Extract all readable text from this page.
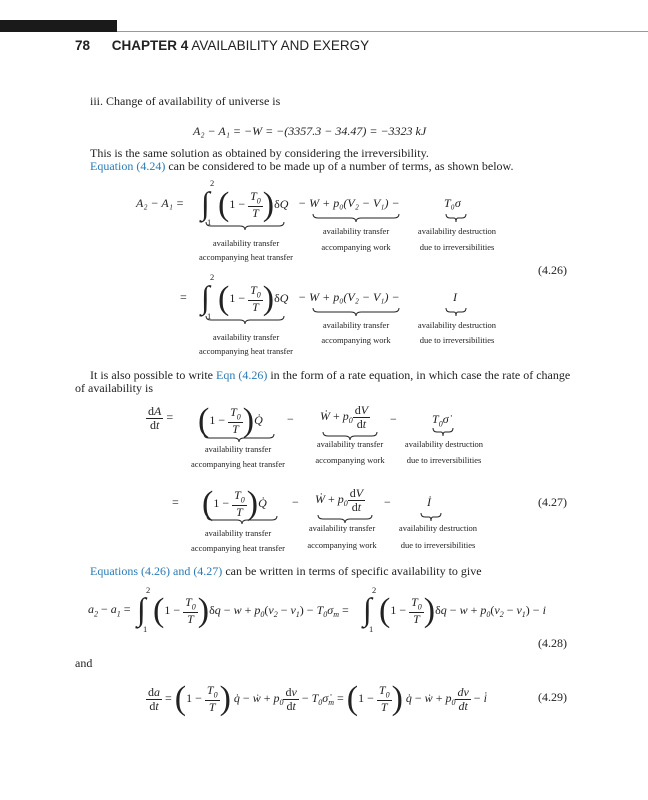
78 CHAPTER 4 AVAILABILITY AND EXERGY
iii. Change of availability of universe is
A₂ − A₁ = −W = −(3357.3 − 34.47) = −3323 kJ
This is the same solution as obtained by considering the irreversibility.
Equation (4.24) can be considered to be made up of a number of terms, as shown below.
A₂ − A₁ =
2
∫
1 $(1 - \frac{T_0}{T} )\delta Q - W + p_0(V_2 - V_1)$ −	T₀σ
availability transfer
accompanying heat transfer
availability transfer
accompanying work
availability destruction
due to irreversibilities
(4.26)
=
2
∫
1 $(1 - \frac{T_0}{T} )\delta Q - W + p_0(V_2 - V_1)$ −	I
availability transfer
accompanying heat transfer
availability transfer
accompanying work
availability destruction
due to irreversibilities
It is also possible to write Eqn (4.26) in the form of a rate equation, in which case the rate of change
of availability is
$\frac{dA}{dt} = (1 - \frac{T_0}{T}$ )Q̇ − Ẇ + $p_0 \frac{dV}{dt}$ −	$T_0\sigmȧ$
availability transfer
accompanying heat transfer
availability transfer
accompanying work
availability destruction
due to irreversibilities
= ($1 - \frac{T_0}{T}$ )Q̇ − Ẇ + $p_0 \frac{dV}{dt}$ −	İ	(4.27)
availability transfer
accompanying heat transfer
availability transfer
accompanying work
availability destruction
due to irreversibilities
Equations (4.26) and (4.27) can be written in terms of specific availability to give
$a_2 - a_1$ =
2
∫
1 $(1 - \frac{T_0}{T} )\delta q - w + p_0(v_2 - v_1) - T_0\sigma_m$ =
2
∫
1 $(1 - \frac{T_0}{T} )\delta q - w + p_0(v_2 - v_1) - i$
(4.28)
and
$\frac{da}{dt} = (1 - \frac{T_0}{T}$ ) q̇ − ẇ + $p_0 \frac{dv}{dt}$ − $T_0\sigmȧ_m = (1 - \frac{T_0}{T}$ ) q̇ − ẇ + $p_0 \frac{dv}{dt}$ − i̇	(4.29)
